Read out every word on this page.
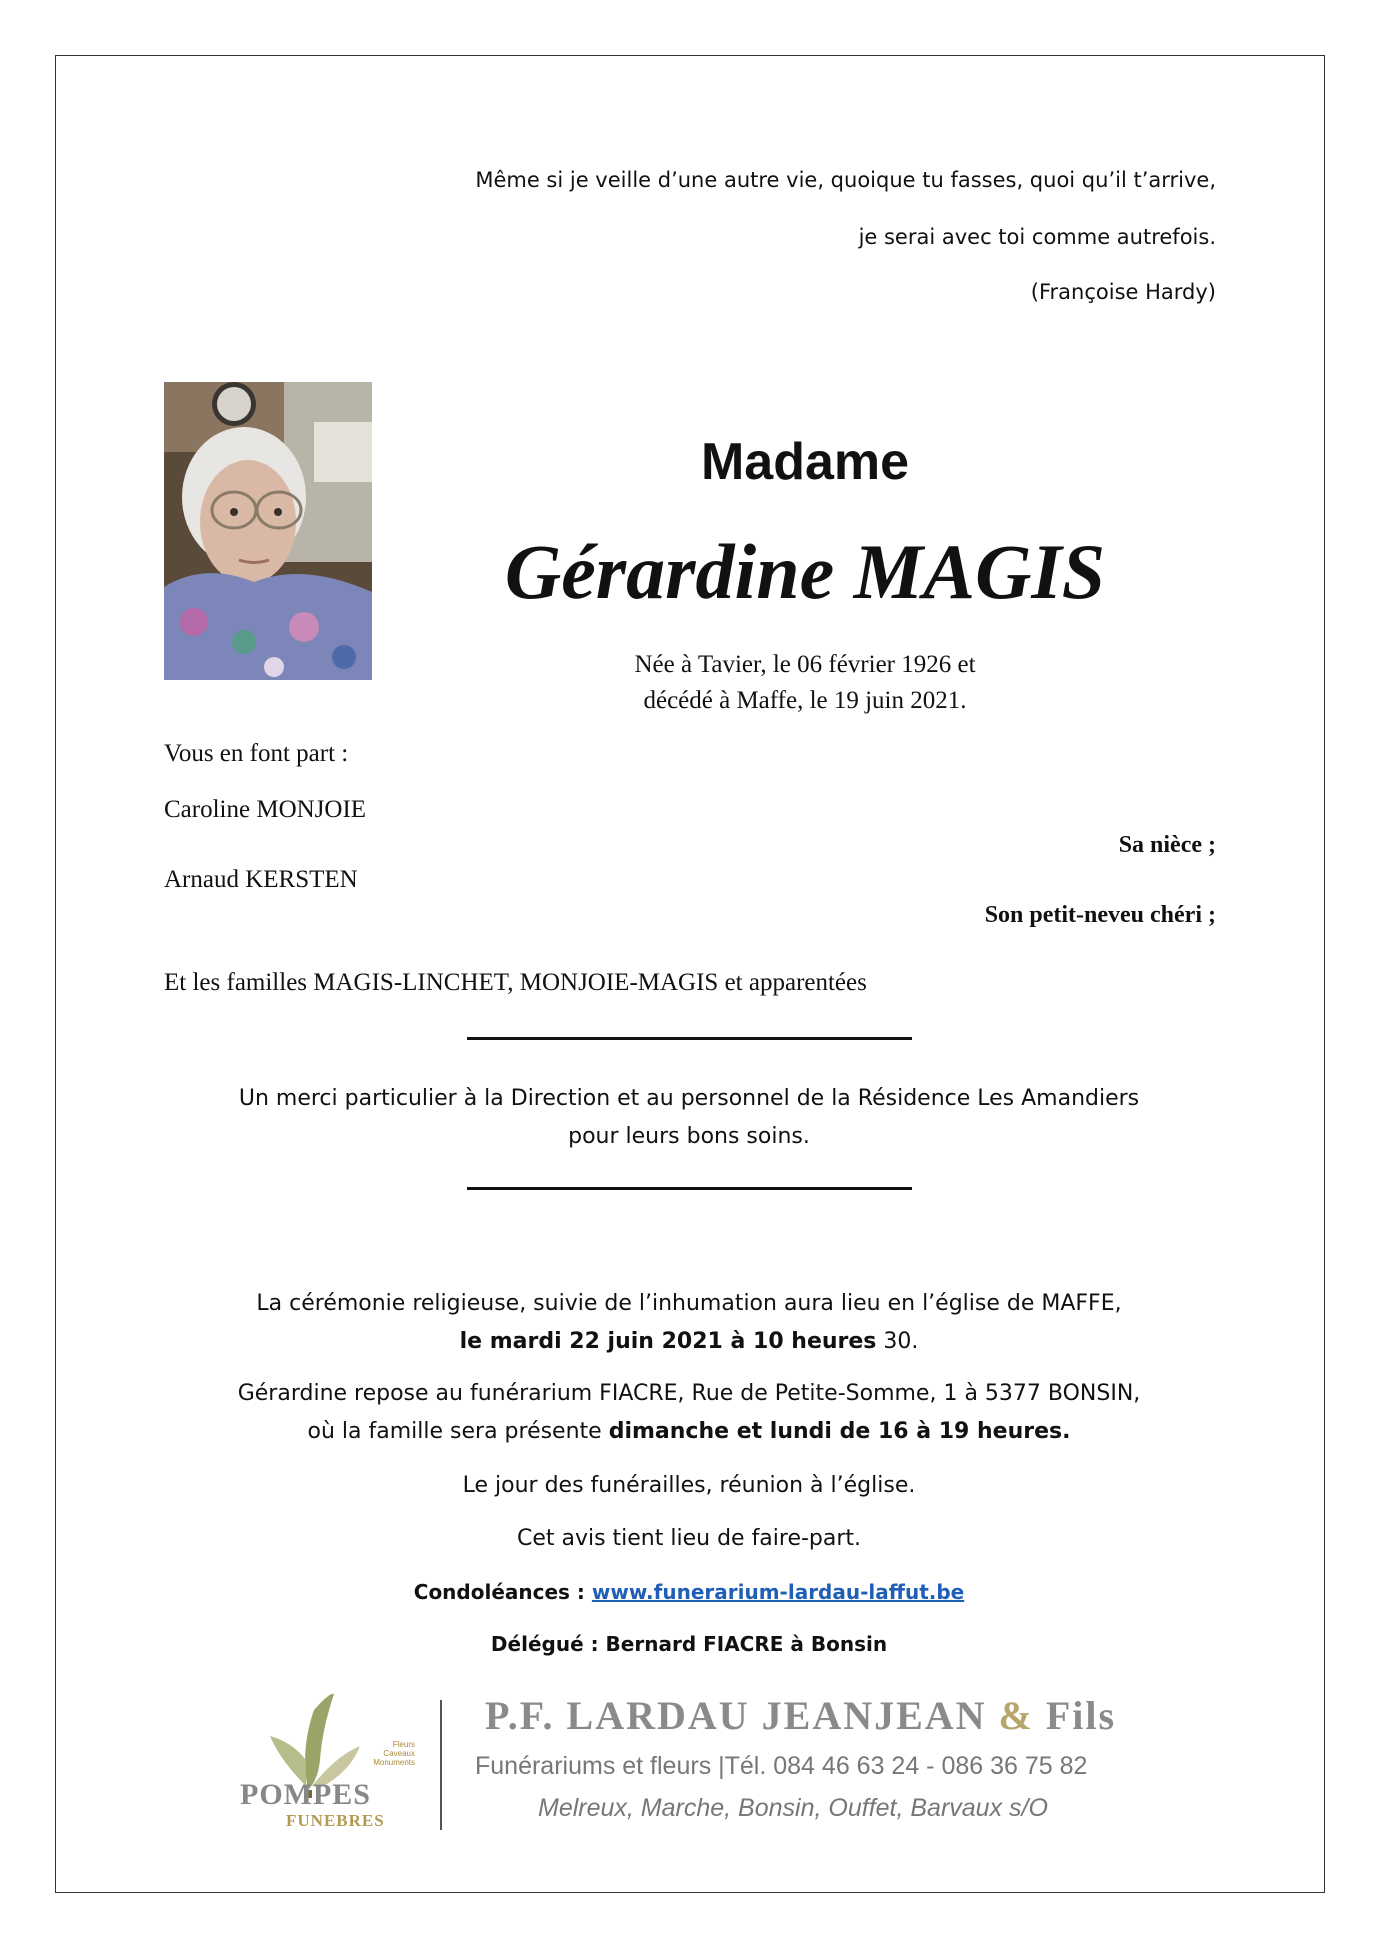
Même si je veille d’une autre vie, quoique tu fasses, quoi qu’il t’arrive,
je serai avec toi comme autrefois.
(Françoise Hardy)
Madame
Gérardine MAGIS
Née à Tavier, le 06 février 1926 et
décédé à Maffe, le 19 juin 2021.
Vous en font part :
Caroline MONJOIE
Sa nièce ;
Arnaud KERSTEN
Son petit-neveu chéri ;
Et les familles MAGIS-LINCHET, MONJOIE-MAGIS et apparentées
Un merci particulier à la Direction et au personnel de la Résidence Les Amandiers
pour leurs bons soins.
La cérémonie religieuse, suivie de l’inhumation aura lieu en l’église de MAFFE,
le mardi 22 juin 2021 à 10 heures 30.
Gérardine repose au funérarium FIACRE, Rue de Petite-Somme, 1 à 5377 BONSIN,
où la famille sera présente dimanche et lundi de 16 à 19 heures.
Le jour des funérailles, réunion à l’église.
Cet avis tient lieu de faire-part.
Condoléances : www.funerarium-lardau-laffut.be
Délégué : Bernard FIACRE à Bonsin
Fleurs
Caveaux
Monuments
POMPES
FUNEBRES
P.F. LARDAU JEANJEAN & Fils
Funérariums et fleurs |Tél. 084 46 63 24 - 086 36 75 82
Melreux, Marche, Bonsin, Ouffet, Barvaux s/O
